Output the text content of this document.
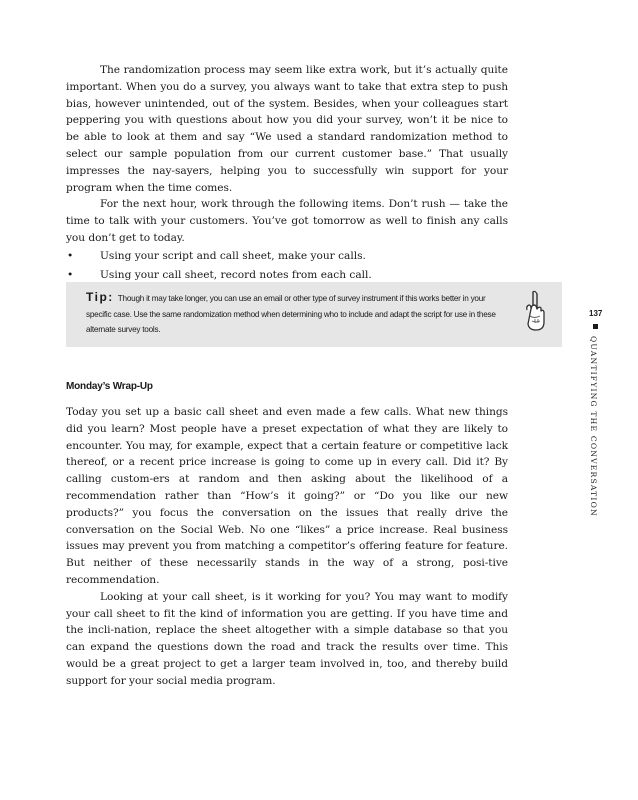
The randomization process may seem like extra work, but it’s actually quite important. When you do a survey, you always want to take that extra step to push bias, however unintended, out of the system. Besides, when your colleagues start peppering you with questions about how you did your survey, won’t it be nice to be able to look at them and say “We used a standard randomization method to select our sample population from our current customer base.” That usually impresses the nay-sayers, helping you to successfully win support for your program when the time comes.

For the next hour, work through the following items. Don’t rush — take the time to talk with your customers. You’ve got tomorrow as well to finish any calls you don’t get to today.

•	Using your script and call sheet, make your calls.
•	Using your call sheet, record notes from each call.
Tip: Though it may take longer, you can use an email or other type of survey instrument if this works better in your specific case. Use the same randomization method when determining who to include and adapt the script for use in these alternate survey tools.
Monday’s Wrap-Up

Today you set up a basic call sheet and even made a few calls. What new things did you learn? Most people have a preset expectation of what they are likely to encounter. You may, for example, expect that a certain feature or competitive lack thereof, or a recent price increase is going to come up in every call. Did it? By calling custom-ers at random and then asking about the likelihood of a recommendation rather than “How’s it going?” or “Do you like our new products?” you focus the conversation on the issues that really drive the conversation on the Social Web. No one “likes” a price increase. Real business issues may prevent you from matching a competitor’s offering feature for feature. But neither of these necessarily stands in the way of a strong, posi-tive recommendation.

Looking at your call sheet, is it working for you? You may want to modify your call sheet to fit the kind of information you are getting. If you have time and the incli-nation, replace the sheet altogether with a simple database so that you can expand the questions down the road and track the results over time. This would be a great project to get a larger team involved in, too, and thereby build support for your social media program.

137
QUANTIFYING THE CONVERSATION
